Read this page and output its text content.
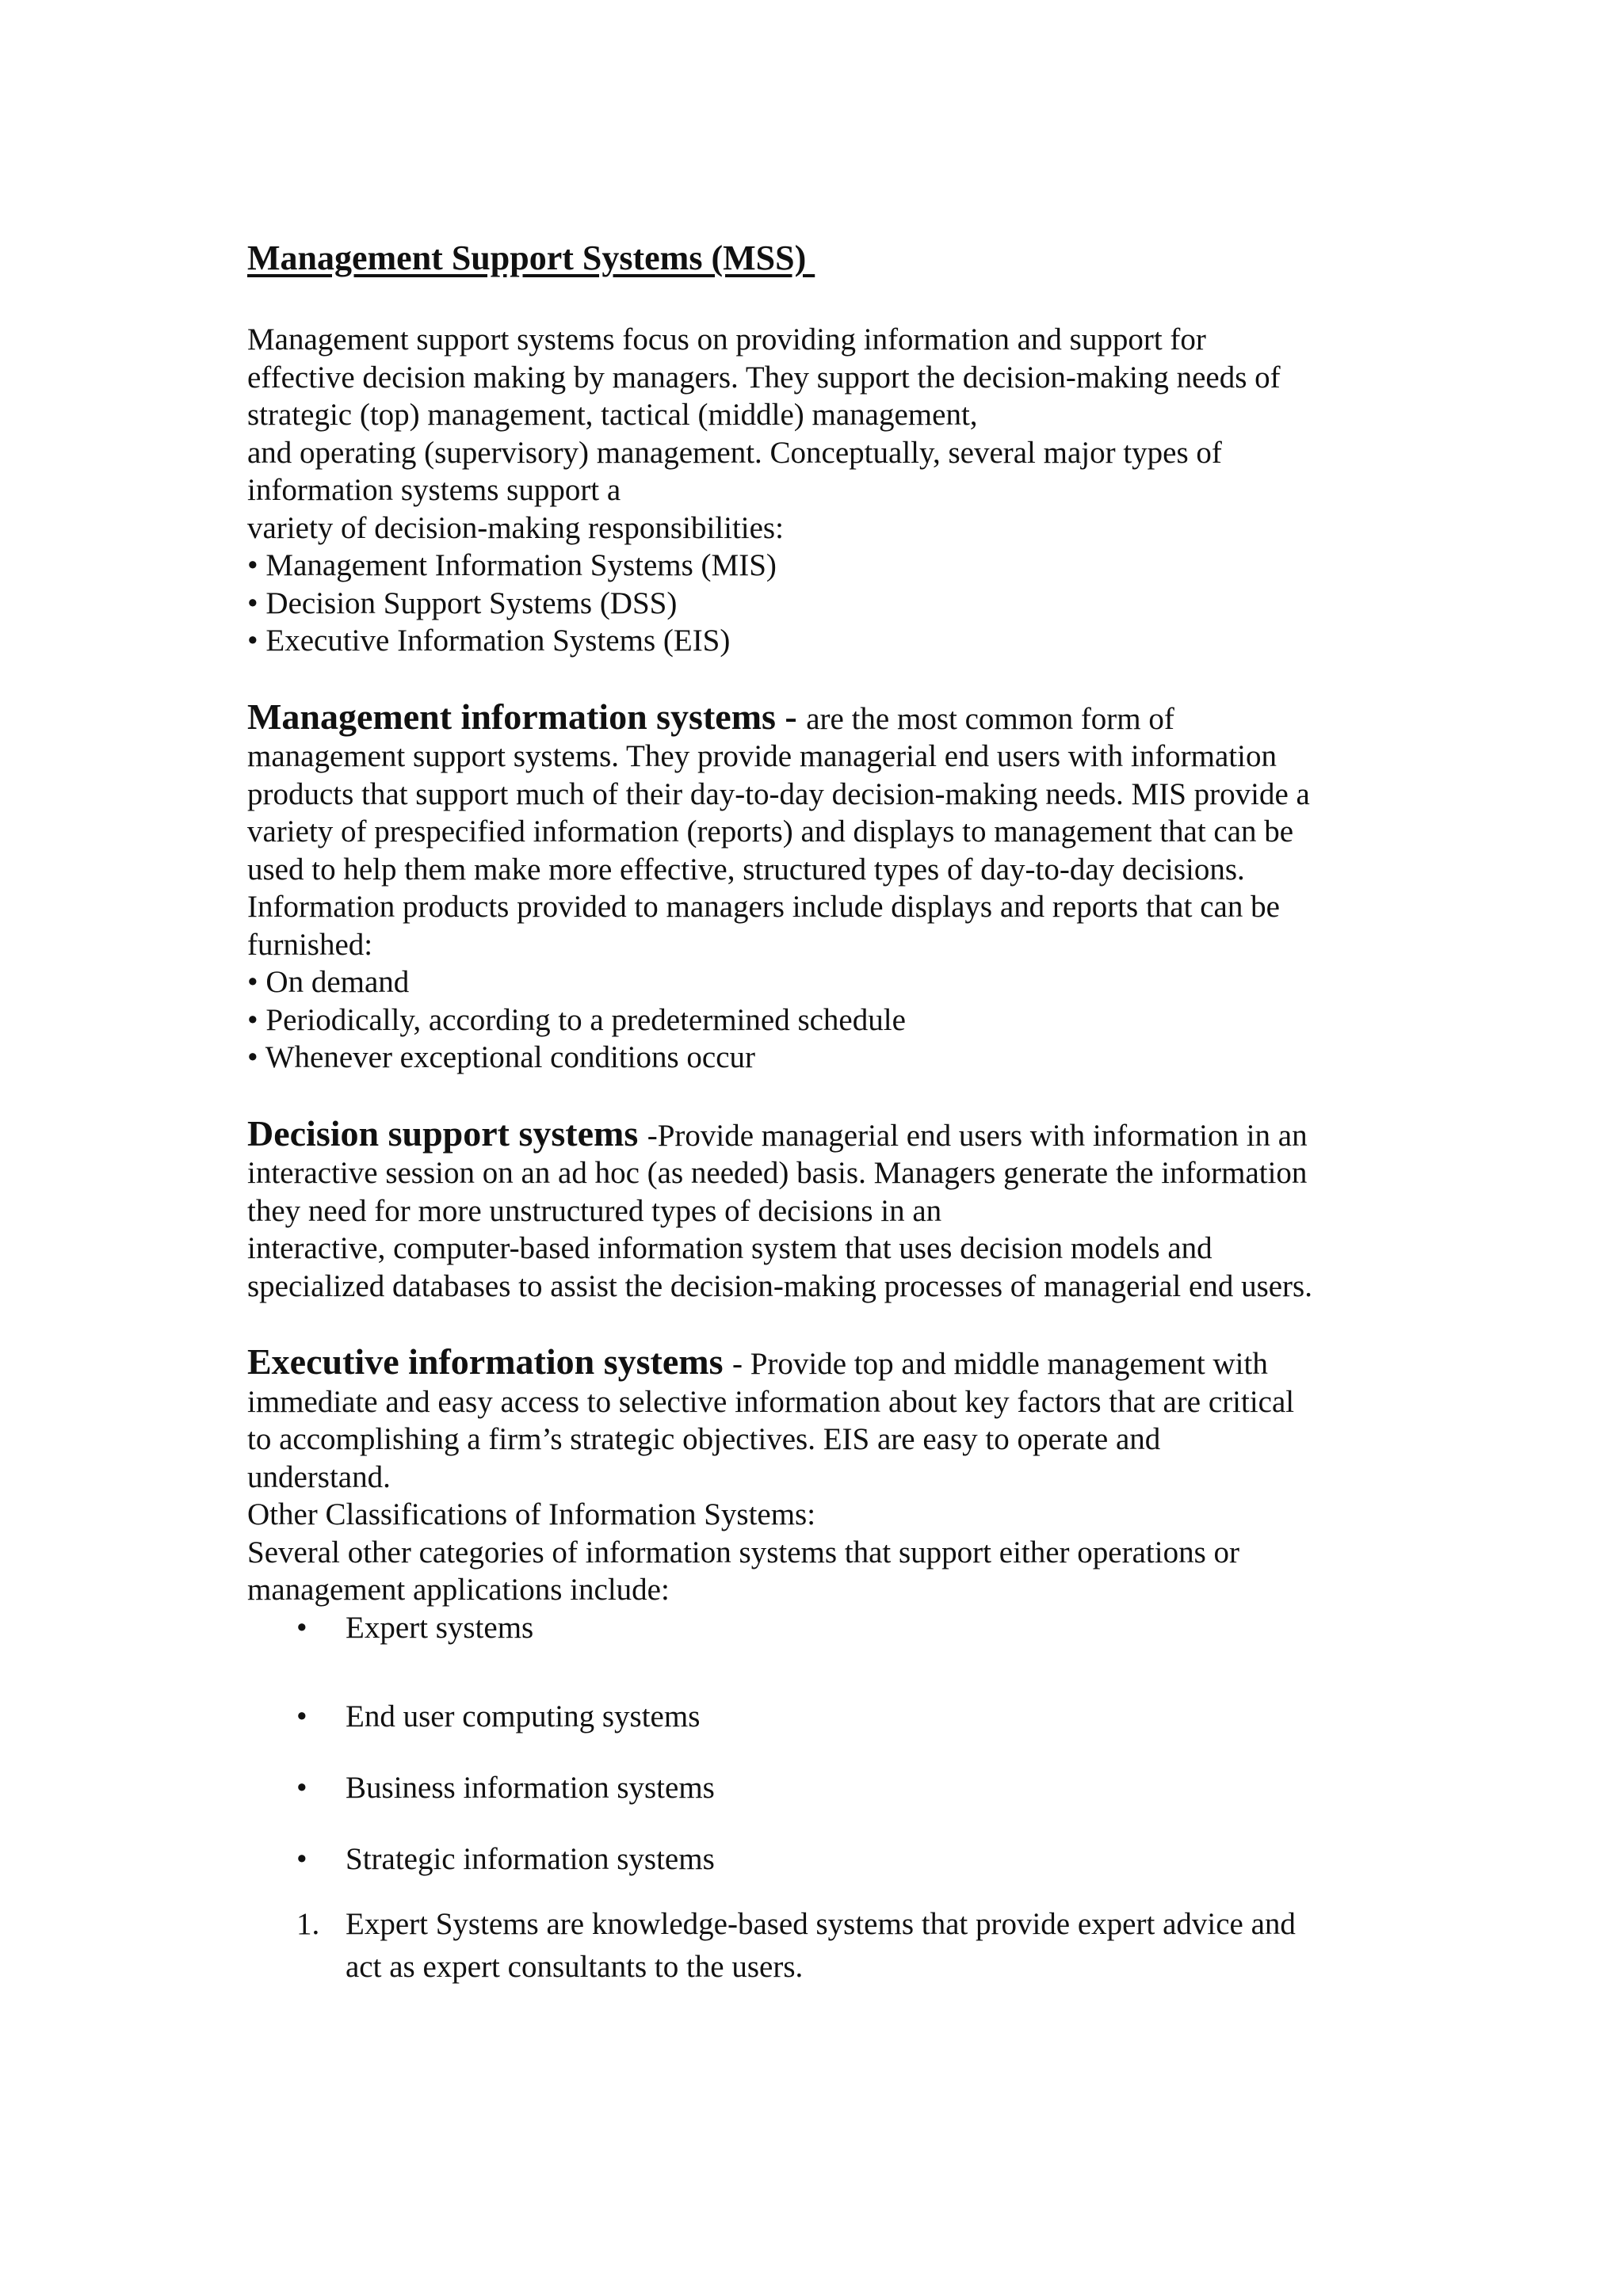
Management Support Systems (MSS)
Management support systems focus on providing information and support for
effective decision making by managers. They support the decision-making needs of
strategic (top) management, tactical (middle) management,
and operating (supervisory) management. Conceptually, several major types of
information systems support a
variety of decision-making responsibilities:
• Management Information Systems (MIS)
• Decision Support Systems (DSS)
• Executive Information Systems (EIS)
Management information systems - are the most common form of
management support systems. They provide managerial end users with information
products that support much of their day-to-day decision-making needs. MIS provide a
variety of prespecified information (reports) and displays to management that can be
used to help them make more effective, structured types of day-to-day decisions.
Information products provided to managers include displays and reports that can be
furnished:
• On demand
• Periodically, according to a predetermined schedule
• Whenever exceptional conditions occur
Decision support systems -Provide managerial end users with information in an
interactive session on an ad hoc (as needed) basis. Managers generate the information
they need for more unstructured types of decisions in an
interactive, computer-based information system that uses decision models and
specialized databases to assist the decision-making processes of managerial end users.
Executive information systems - Provide top and middle management with
immediate and easy access to selective information about key factors that are critical
to accomplishing a firm’s strategic objectives. EIS are easy to operate and
understand.
Other Classifications of Information Systems:
Several other categories of information systems that support either operations or
management applications include:
• Expert systems
• End user computing systems
• Business information systems
• Strategic information systems
1. Expert Systems are knowledge-based systems that provide expert advice and
act as expert consultants to the users.
